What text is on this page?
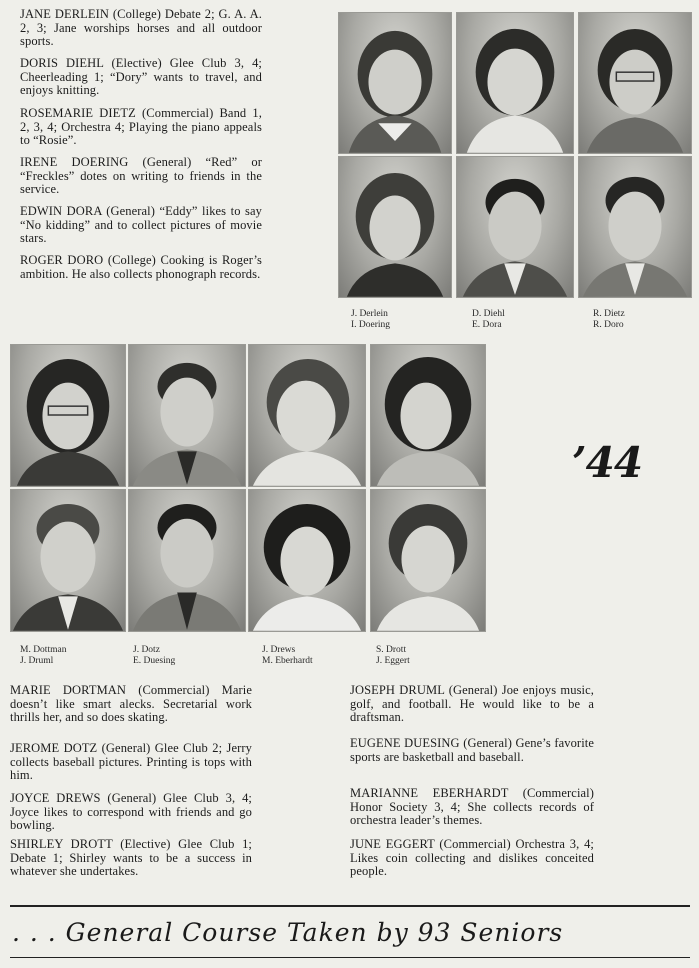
JANE DERLEIN (College) Debate 2; G. A. A. 2, 3; Jane worships horses and all outdoor sports.

DORIS DIEHL (Elective) Glee Club 3, 4; Cheerleading 1; “Dory” wants to travel, and enjoys knitting.

ROSEMARIE DIETZ (Commercial) Band 1, 2, 3, 4; Orchestra 4; Playing the piano appeals to “Rosie”.

IRENE DOERING (General) “Red” or “Freckles” dotes on writing to friends in the service.

EDWIN DORA (General) “Eddy” likes to say “No kidding” and to collect pictures of movie stars.

ROGER DORO (College) Cooking is Roger’s ambition. He also collects phonograph records.

J. Derlein
I. Doering
D. Diehl
E. Dora
R. Dietz
R. Doro
M. Dottman
J. Druml
J. Dotz
E. Duesing
J. Drews
M. Eberhardt
S. Drott
J. Eggert
’44

MARIE DORTMAN (Commercial) Marie doesn’t like smart alecks. Secretarial work thrills her, and so does skating.

JEROME DOTZ (General) Glee Club 2; Jerry collects baseball pictures. Printing is tops with him.

JOYCE DREWS (General) Glee Club 3, 4; Joyce likes to correspond with friends and go bowling.

SHIRLEY DROTT (Elective) Glee Club 1; Debate 1; Shirley wants to be a success in whatever she undertakes.

JOSEPH DRUML (General) Joe enjoys music, golf, and football. He would like to be a draftsman.

EUGENE DUESING (General) Gene’s favorite sports are basketball and baseball.

MARIANNE EBERHARDT (Commercial) Honor Society 3, 4; She collects records of orchestra leader’s themes.

JUNE EGGERT (Commercial) Orchestra 3, 4; Likes coin collecting and dislikes conceited people.

. . . General Course Taken by 93 Seniors
